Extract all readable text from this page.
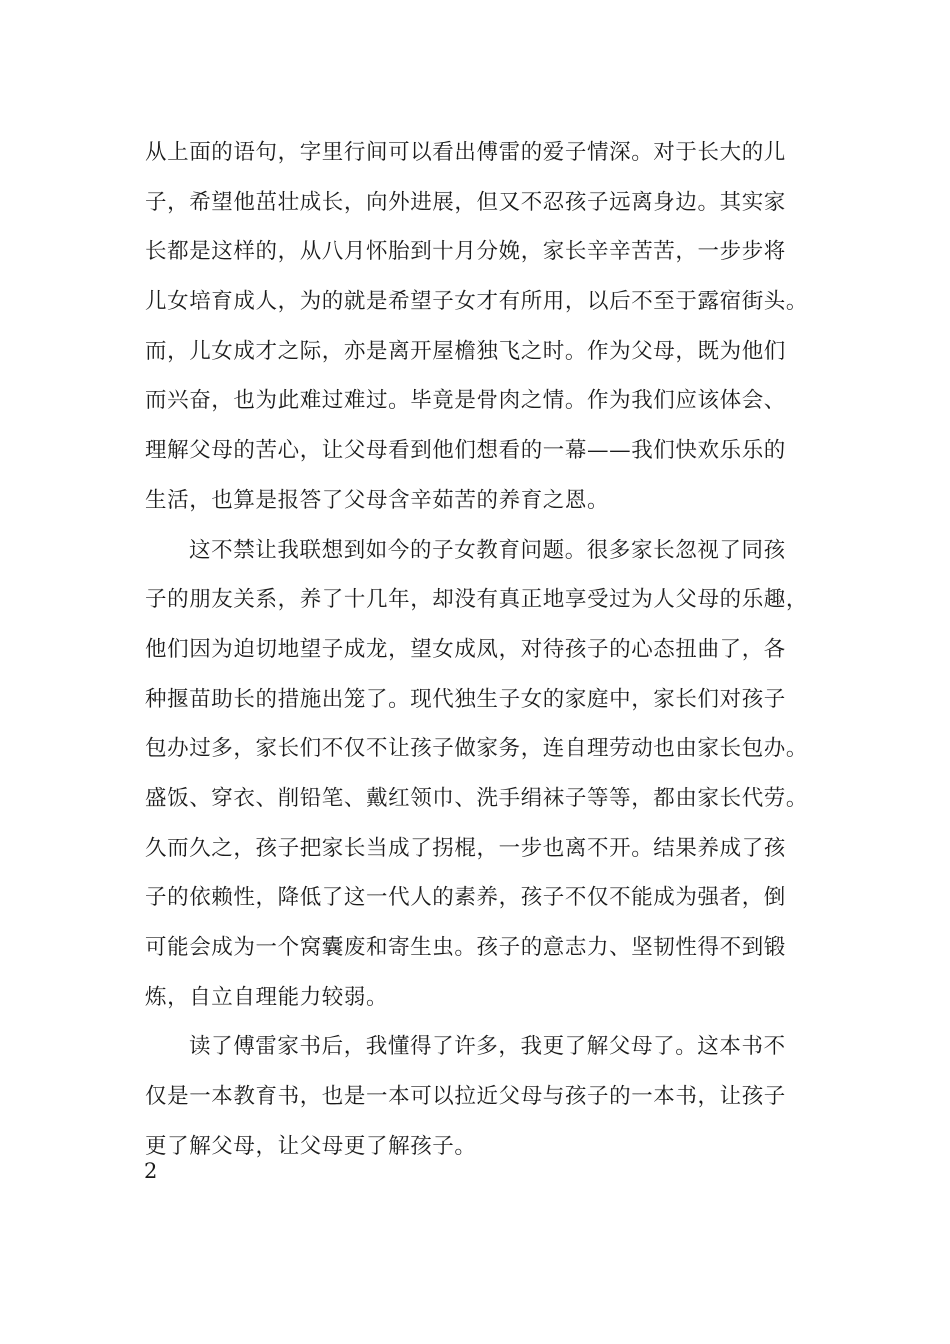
从上面的语句，字里行间可以看出傅雷的爱子情深。对于长大的儿
子，希望他茁壮成长，向外进展，但又不忍孩子远离身边。其实家
长都是这样的，从八月怀胎到十月分娩，家长辛辛苦苦，一步步将
儿女培育成人，为的就是希望子女才有所用，以后不至于露宿街头。
而，儿女成才之际，亦是离开屋檐独飞之时。作为父母，既为他们
而兴奋，也为此难过难过。毕竟是骨肉之情。作为我们应该体会、
理解父母的苦心，让父母看到他们想看的一幕——我们快欢乐乐的
生活，也算是报答了父母含辛茹苦的养育之恩。
这不禁让我联想到如今的子女教育问题。很多家长忽视了同孩
子的朋友关系，养了十几年，却没有真正地享受过为人父母的乐趣，
他们因为迫切地望子成龙，望女成凤，对待孩子的心态扭曲了，各
种揠苗助长的措施出笼了。现代独生子女的家庭中，家长们对孩子
包办过多，家长们不仅不让孩子做家务，连自理劳动也由家长包办。
盛饭、穿衣、削铅笔、戴红领巾、洗手绢袜子等等，都由家长代劳。
久而久之，孩子把家长当成了拐棍，一步也离不开。结果养成了孩
子的依赖性，降低了这一代人的素养，孩子不仅不能成为强者，倒
可能会成为一个窝囊废和寄生虫。孩子的意志力、坚韧性得不到锻
炼，自立自理能力较弱。
读了傅雷家书后，我懂得了许多，我更了解父母了。这本书不
仅是一本教育书，也是一本可以拉近父母与孩子的一本书，让孩子
更了解父母，让父母更了解孩子。
2
